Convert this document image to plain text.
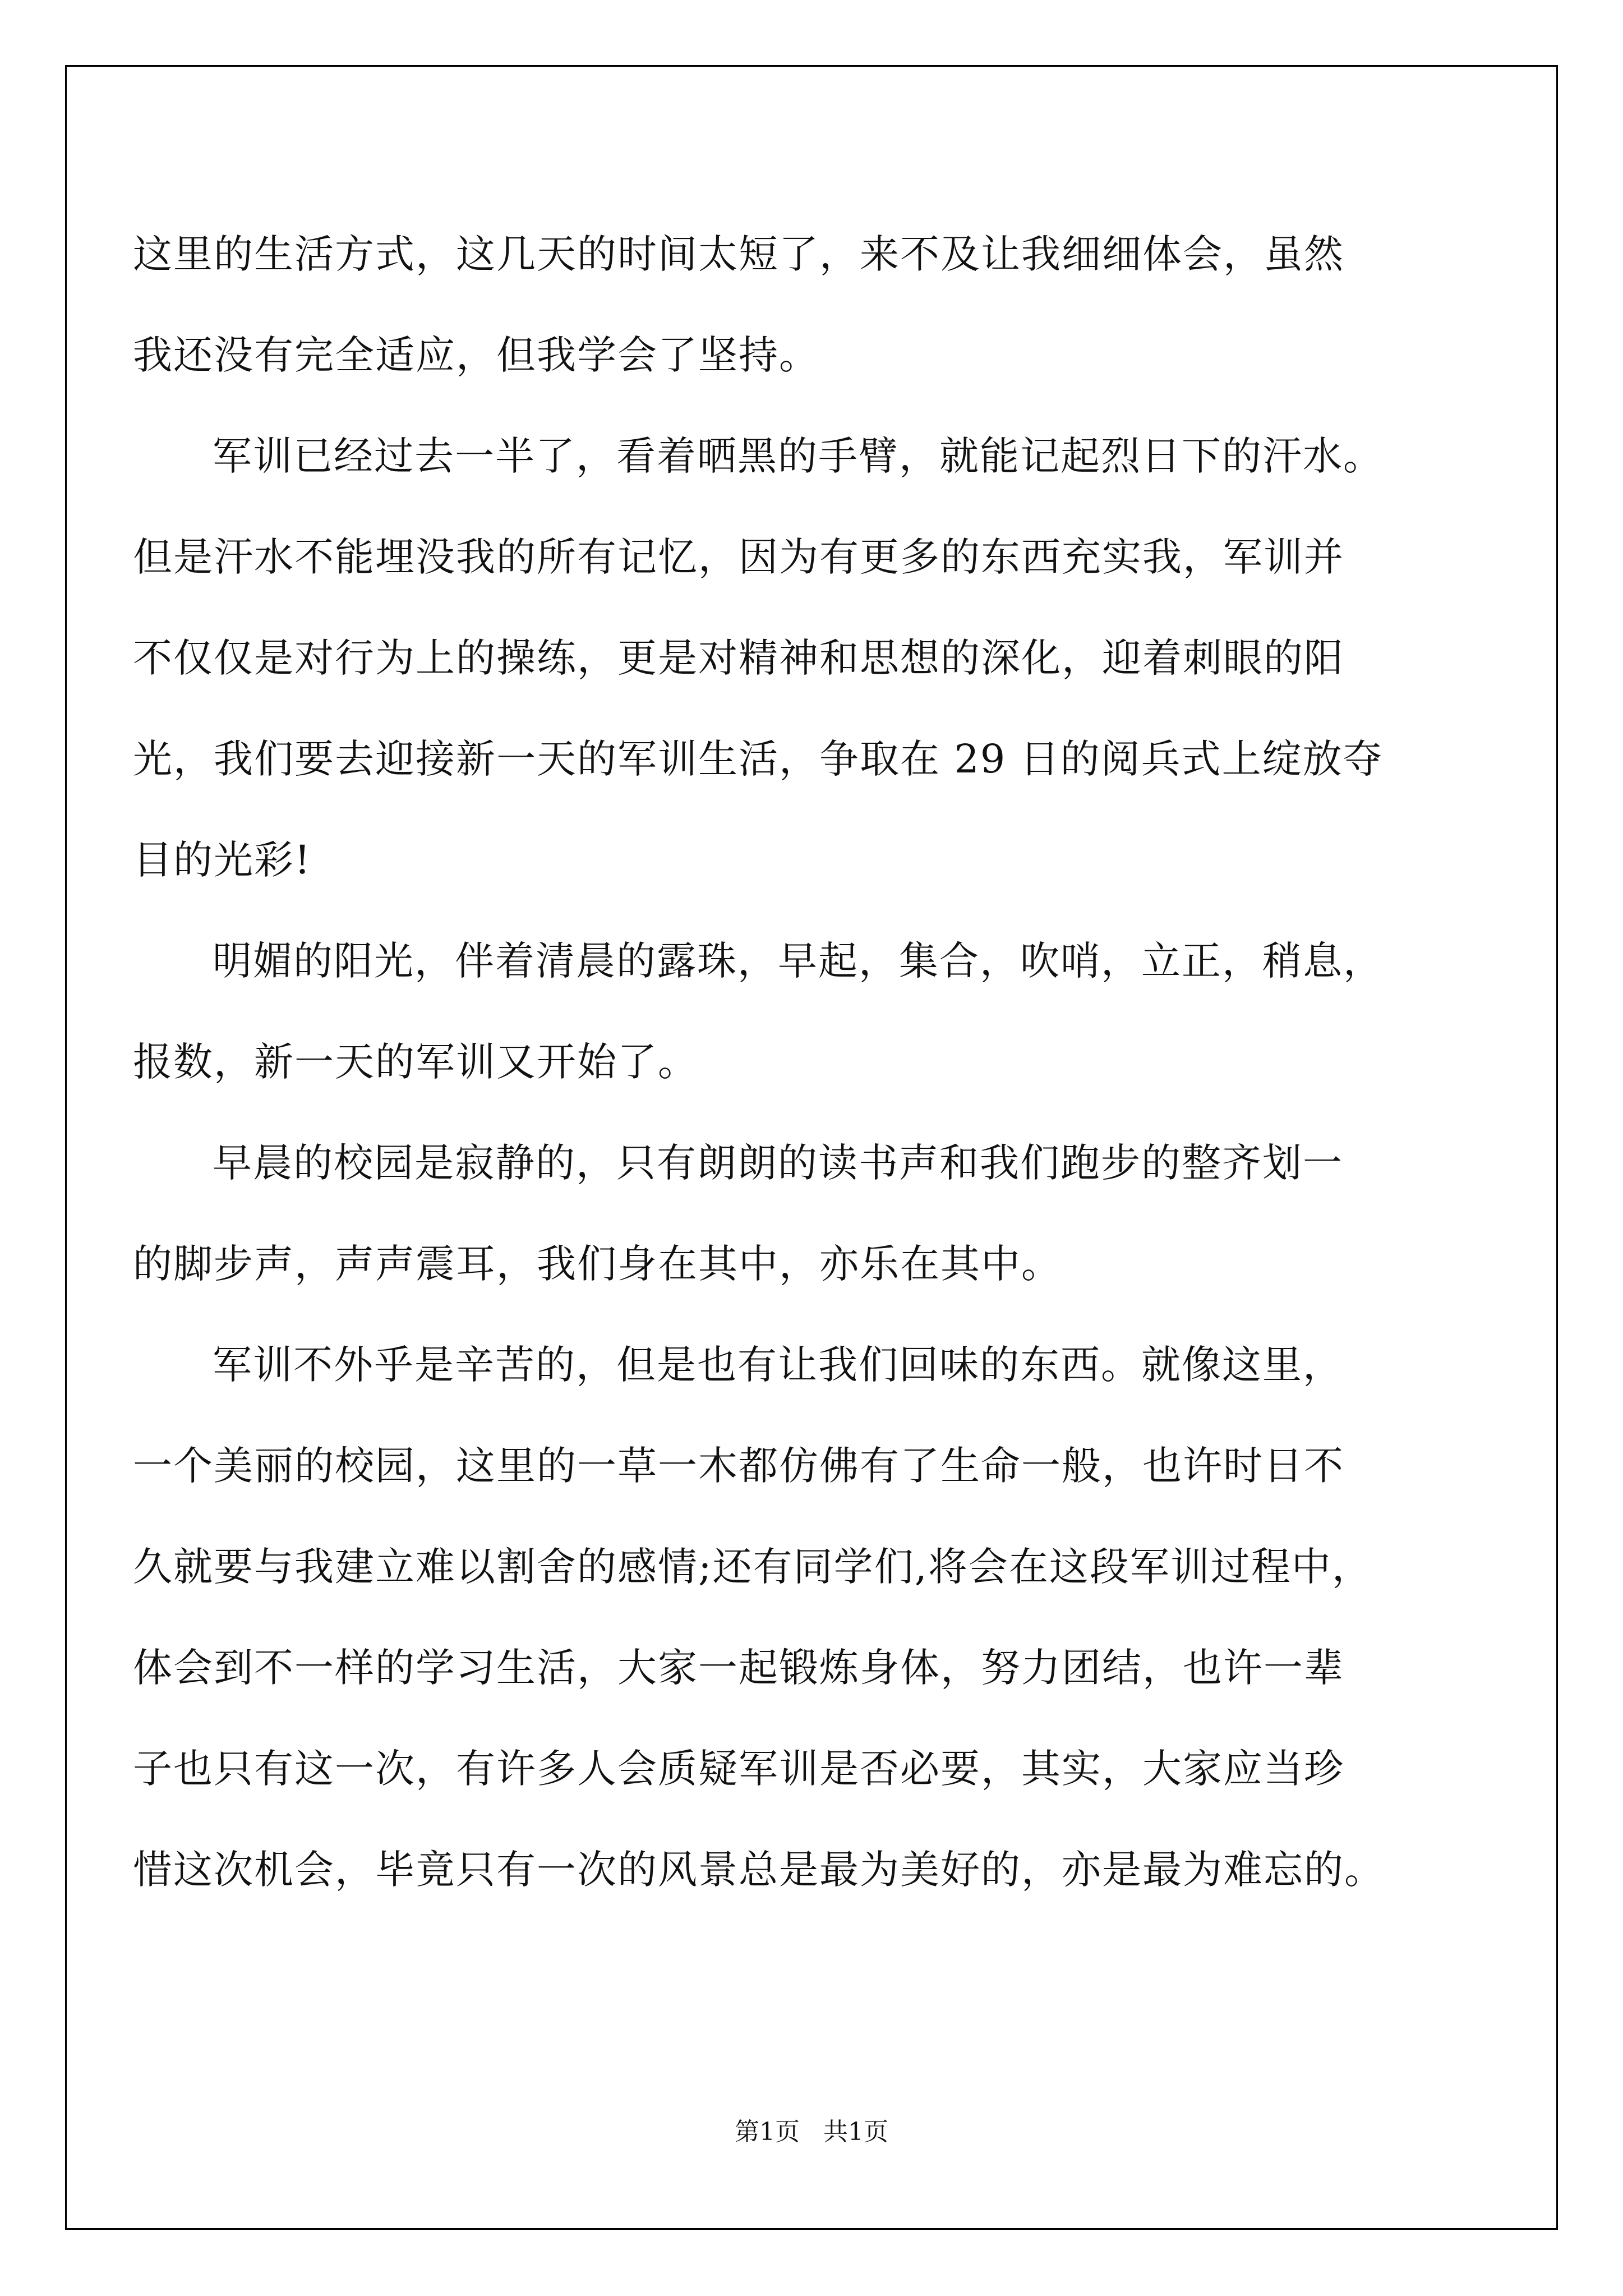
这里的生活方式，这几天的时间太短了，来不及让我细细体会，虽然
我还没有完全适应，但我学会了坚持。
军训已经过去一半了，看着晒黑的手臂，就能记起烈日下的汗水。
但是汗水不能埋没我的所有记忆，因为有更多的东西充实我，军训并
不仅仅是对行为上的操练，更是对精神和思想的深化，迎着刺眼的阳
光，我们要去迎接新一天的军训生活，争取在 29 日的阅兵式上绽放夺
目的光彩!
明媚的阳光，伴着清晨的露珠，早起，集合，吹哨，立正，稍息，
报数，新一天的军训又开始了。
早晨的校园是寂静的，只有朗朗的读书声和我们跑步的整齐划一
的脚步声，声声震耳，我们身在其中，亦乐在其中。
军训不外乎是辛苦的，但是也有让我们回味的东西。就像这里，
一个美丽的校园，这里的一草一木都仿佛有了生命一般，也许时日不
久就要与我建立难以割舍的感情;还有同学们,将会在这段军训过程中，
体会到不一样的学习生活，大家一起锻炼身体，努力团结，也许一辈
子也只有这一次，有许多人会质疑军训是否必要，其实，大家应当珍
惜这次机会，毕竟只有一次的风景总是最为美好的，亦是最为难忘的。
第1页   共1页
